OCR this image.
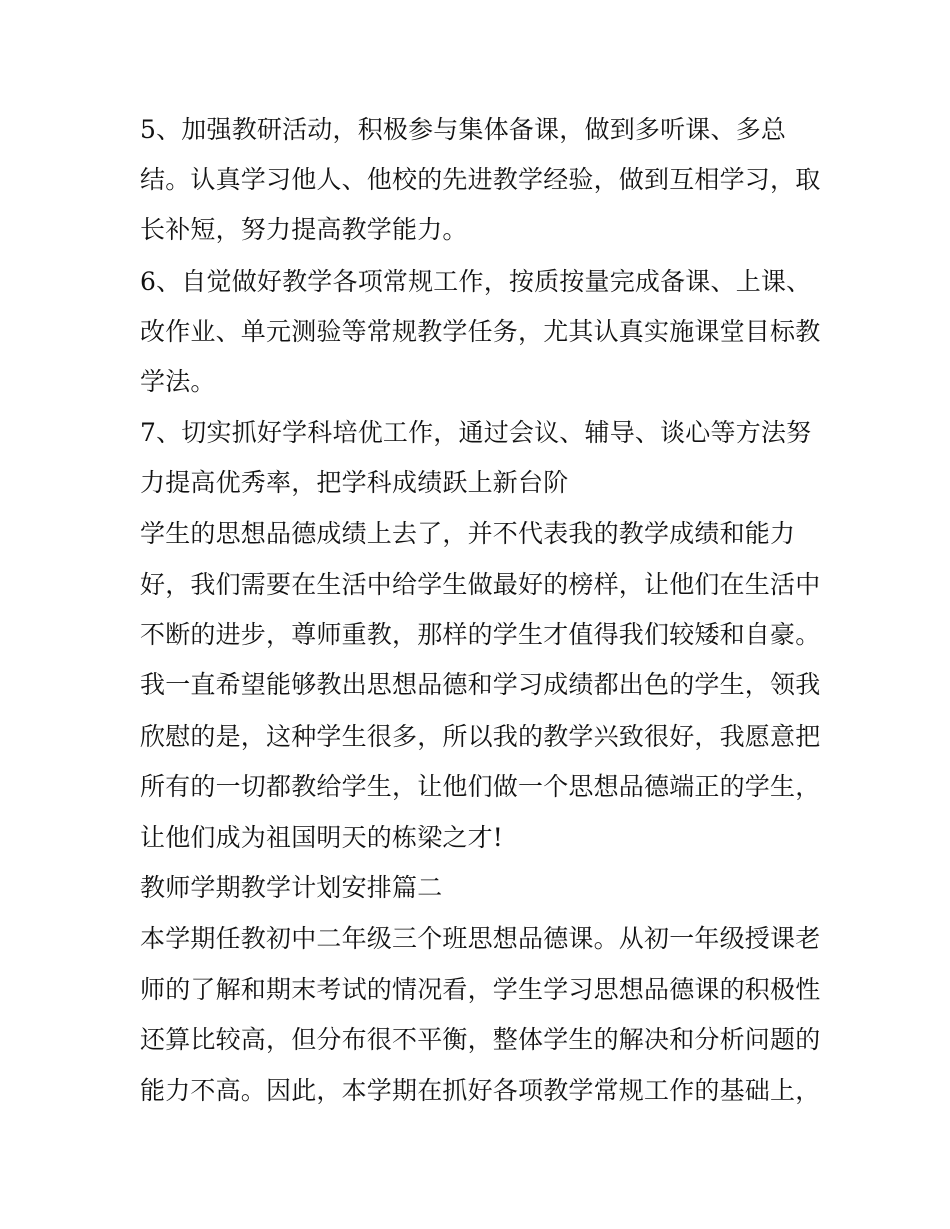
5、加强教研活动，积极参与集体备课，做到多听课、多总
结。认真学习他人、他校的先进教学经验，做到互相学习，取
长补短，努力提高教学能力。
6、自觉做好教学各项常规工作，按质按量完成备课、上课、
改作业、单元测验等常规教学任务，尤其认真实施课堂目标教
学法。
7、切实抓好学科培优工作，通过会议、辅导、谈心等方法努
力提高优秀率，把学科成绩跃上新台阶
学生的思想品德成绩上去了，并不代表我的教学成绩和能力
好，我们需要在生活中给学生做最好的榜样，让他们在生活中
不断的进步，尊师重教，那样的学生才值得我们较矮和自豪。
我一直希望能够教出思想品德和学习成绩都出色的学生，领我
欣慰的是，这种学生很多，所以我的教学兴致很好，我愿意把
所有的一切都教给学生，让他们做一个思想品德端正的学生，
让他们成为祖国明天的栋梁之才!
教师学期教学计划安排篇二
本学期任教初中二年级三个班思想品德课。从初一年级授课老
师的了解和期末考试的情况看，学生学习思想品德课的积极性
还算比较高，但分布很不平衡，整体学生的解决和分析问题的
能力不高。因此，本学期在抓好各项教学常规工作的基础上，
